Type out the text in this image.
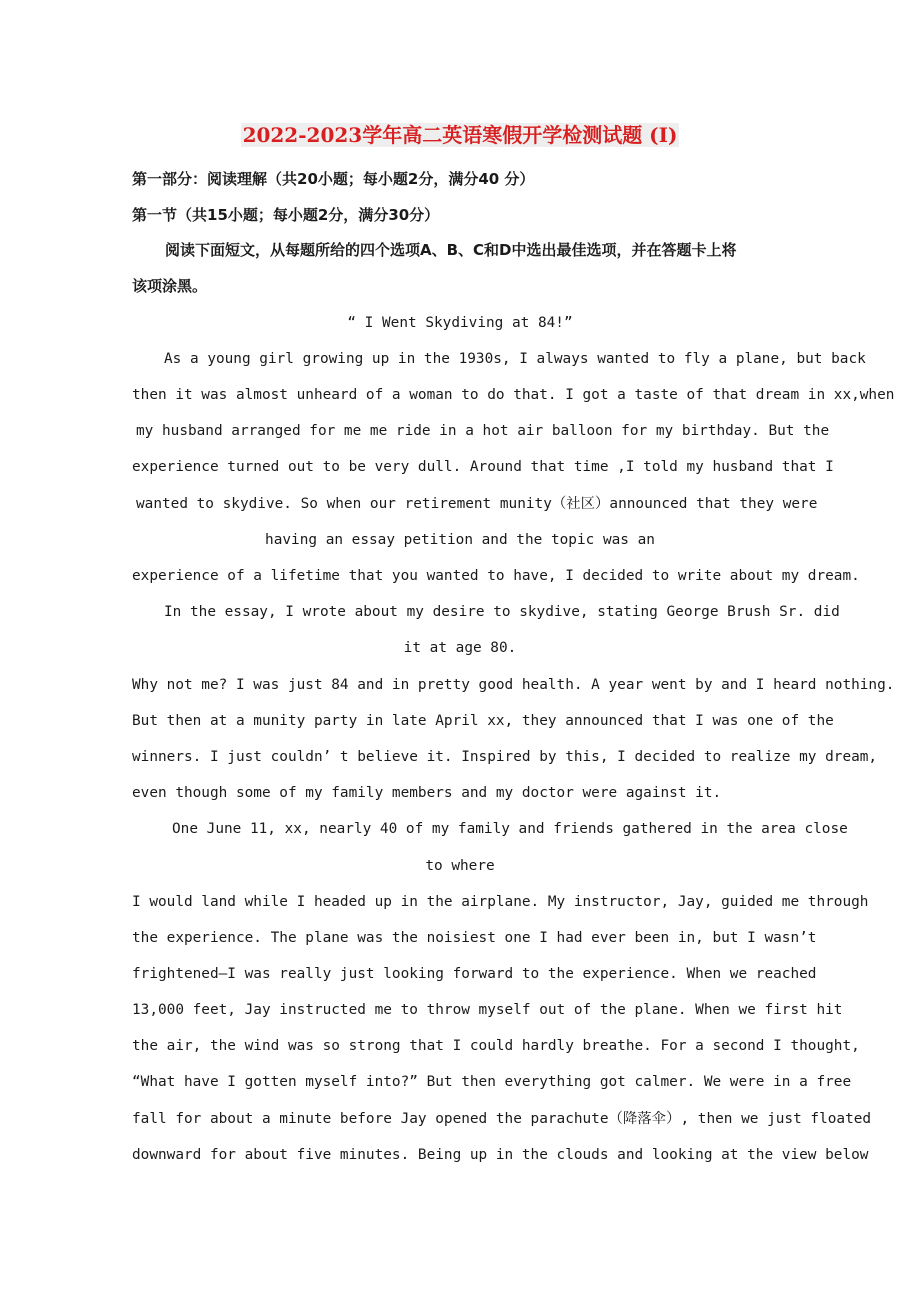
2022-2023学年高二英语寒假开学检测试题 (I)
第一部分：阅读理解（共20小题；每小题2分，满分40 分）
第一节（共15小题；每小题2分，满分30分）
阅读下面短文，从每题所给的四个选项A、B、C和D中选出最佳选项，并在答题卡上将
该项涂黑。
“ I Went Skydiving at 84!”
As a young girl growing up in the 1930s, I always wanted to fly a plane, but back
then it was almost unheard of a woman to do that. I got a taste of that dream in xx,when
my husband arranged for me me ride in a hot air balloon for my birthday. But the
experience turned out to be very dull. Around that time ,I told my husband that I
wanted to skydive. So when our retirement munity（社区）announced that they were
having an essay petition and the topic was an
experience of a lifetime that you wanted to have, I decided to write about my dream.
In the essay, I wrote about my desire to skydive, stating George Brush Sr. did
it at age 80.
Why not me? I was just 84 and in pretty good health. A year went by and I heard nothing.
But then at a munity party in late April xx, they announced that I was one of the
winners. I just couldn’ t believe it. Inspired by this, I decided to realize my dream,
even though some of my family members and my doctor were against it.
One June 11, xx, nearly 40 of my family and friends gathered in the area close
to where
I would land while I headed up in the airplane. My instructor, Jay, guided me through
the experience. The plane was the noisiest one I had ever been in, but I wasn’t
frightened—I was really just looking forward to the experience. When we reached
13,000 feet, Jay instructed me to throw myself out of the plane. When we first hit
the air, the wind was so strong that I could hardly breathe. For a second I thought,
“What have I gotten myself into?” But then everything got calmer. We were in a free
fall for about a minute before Jay opened the parachute（降落伞）, then we just floated
downward for about five minutes. Being up in the clouds and looking at the view below
